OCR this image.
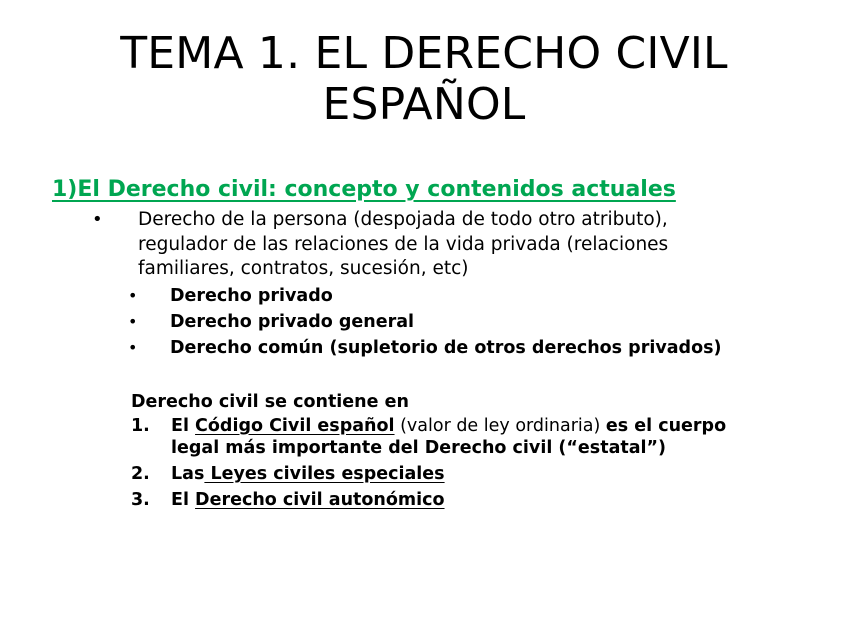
TEMA 1. EL DERECHO CIVIL
ESPAÑOL
1)El Derecho civil: concepto y contenidos actuales
• Derecho de la persona (despojada de todo otro atributo),
regulador de las relaciones de la vida privada (relaciones
familiares, contratos, sucesión, etc)
• Derecho privado
• Derecho privado general
• Derecho común (supletorio de otros derechos privados)
Derecho civil se contiene en
1. El Código Civil español (valor de ley ordinaria) es el cuerpo
legal más importante del Derecho civil (“estatal”)
2. Las Leyes civiles especiales
3. El Derecho civil autonómico
